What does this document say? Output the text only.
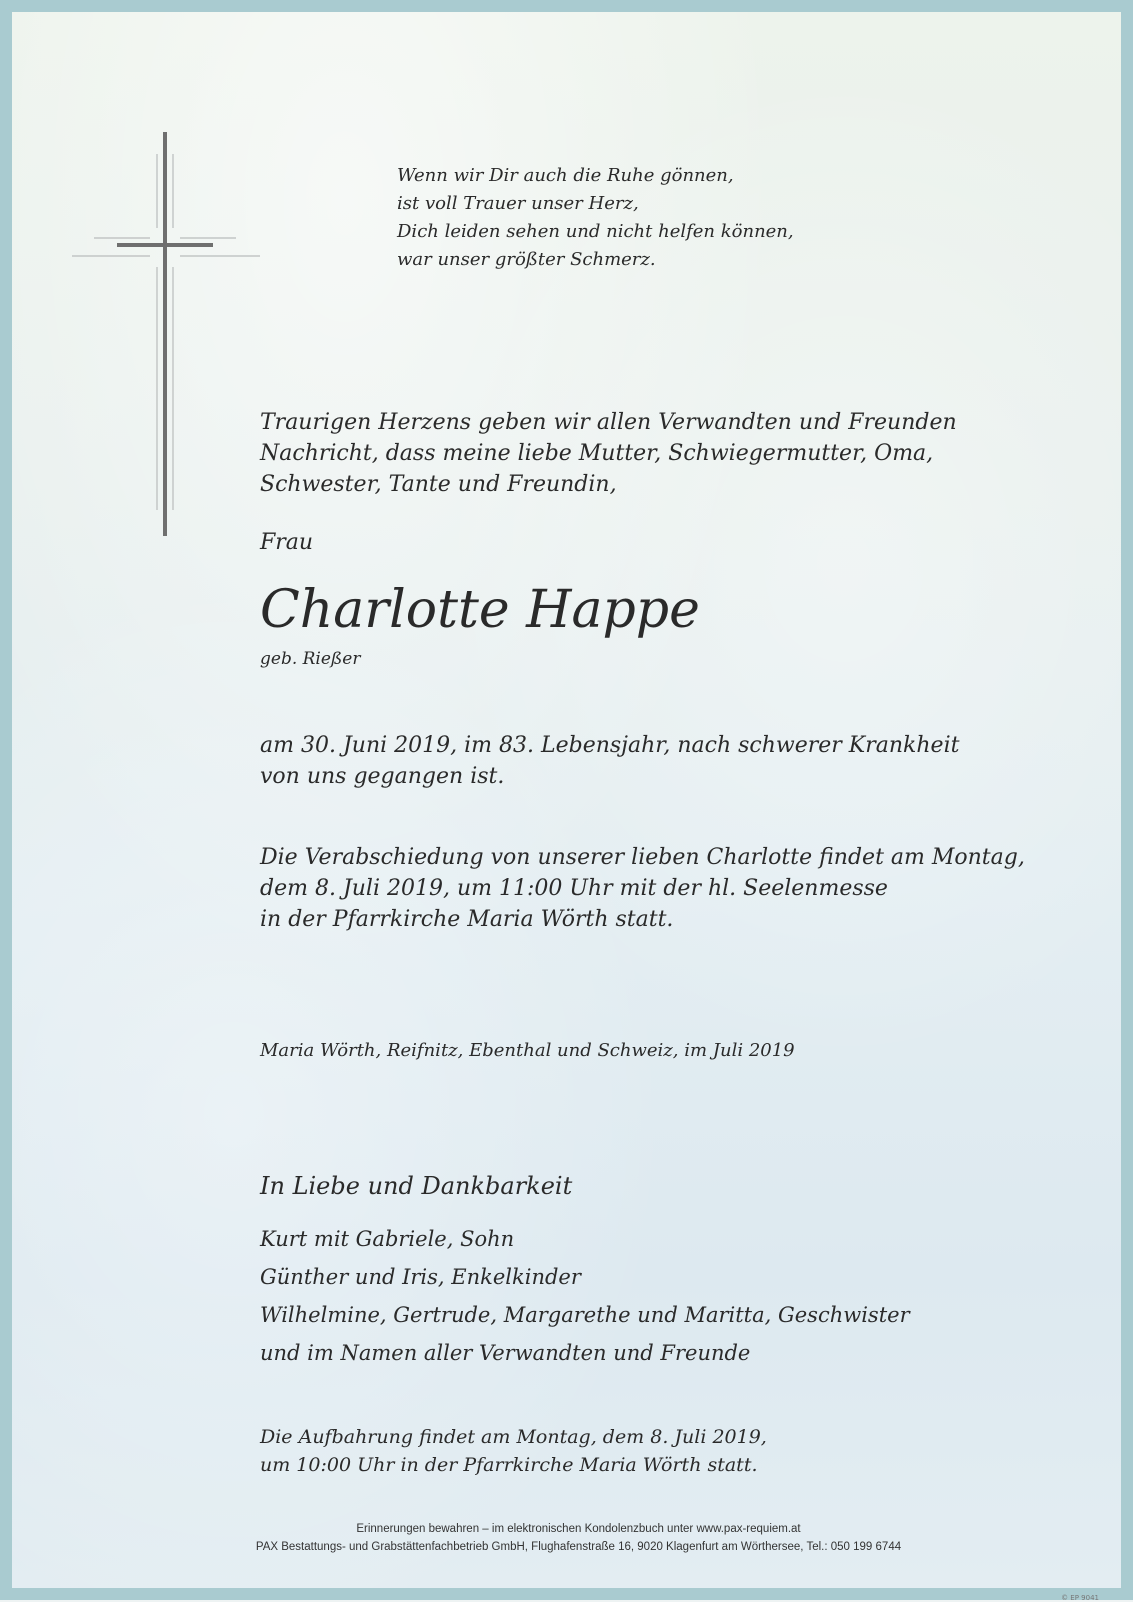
Wenn wir Dir auch die Ruhe gönnen,
ist voll Trauer unser Herz,
Dich leiden sehen und nicht helfen können,
war unser größter Schmerz.
Traurigen Herzens geben wir allen Verwandten und Freunden
Nachricht, dass meine liebe Mutter, Schwiegermutter, Oma,
Schwester, Tante und Freundin,
Frau
Charlotte Happe
geb. Rießer
am 30. Juni 2019, im 83. Lebensjahr, nach schwerer Krankheit
von uns gegangen ist.
Die Verabschiedung von unserer lieben Charlotte findet am Montag,
dem 8. Juli 2019, um 11:00 Uhr mit der hl. Seelenmesse
in der Pfarrkirche Maria Wörth statt.
Maria Wörth, Reifnitz, Ebenthal und Schweiz, im Juli 2019
In Liebe und Dankbarkeit
Kurt mit Gabriele, Sohn
Günther und Iris, Enkelkinder
Wilhelmine, Gertrude, Margarethe und Maritta, Geschwister
und im Namen aller Verwandten und Freunde
Die Aufbahrung findet am Montag, dem 8. Juli 2019,
um 10:00 Uhr in der Pfarrkirche Maria Wörth statt.
Erinnerungen bewahren – im elektronischen Kondolenzbuch unter www.pax-requiem.at
PAX Bestattungs- und Grabstättenfachbetrieb GmbH, Flughafenstraße 16, 9020 Klagenfurt am Wörthersee, Tel.: 050 199 6744
© EP 9041
